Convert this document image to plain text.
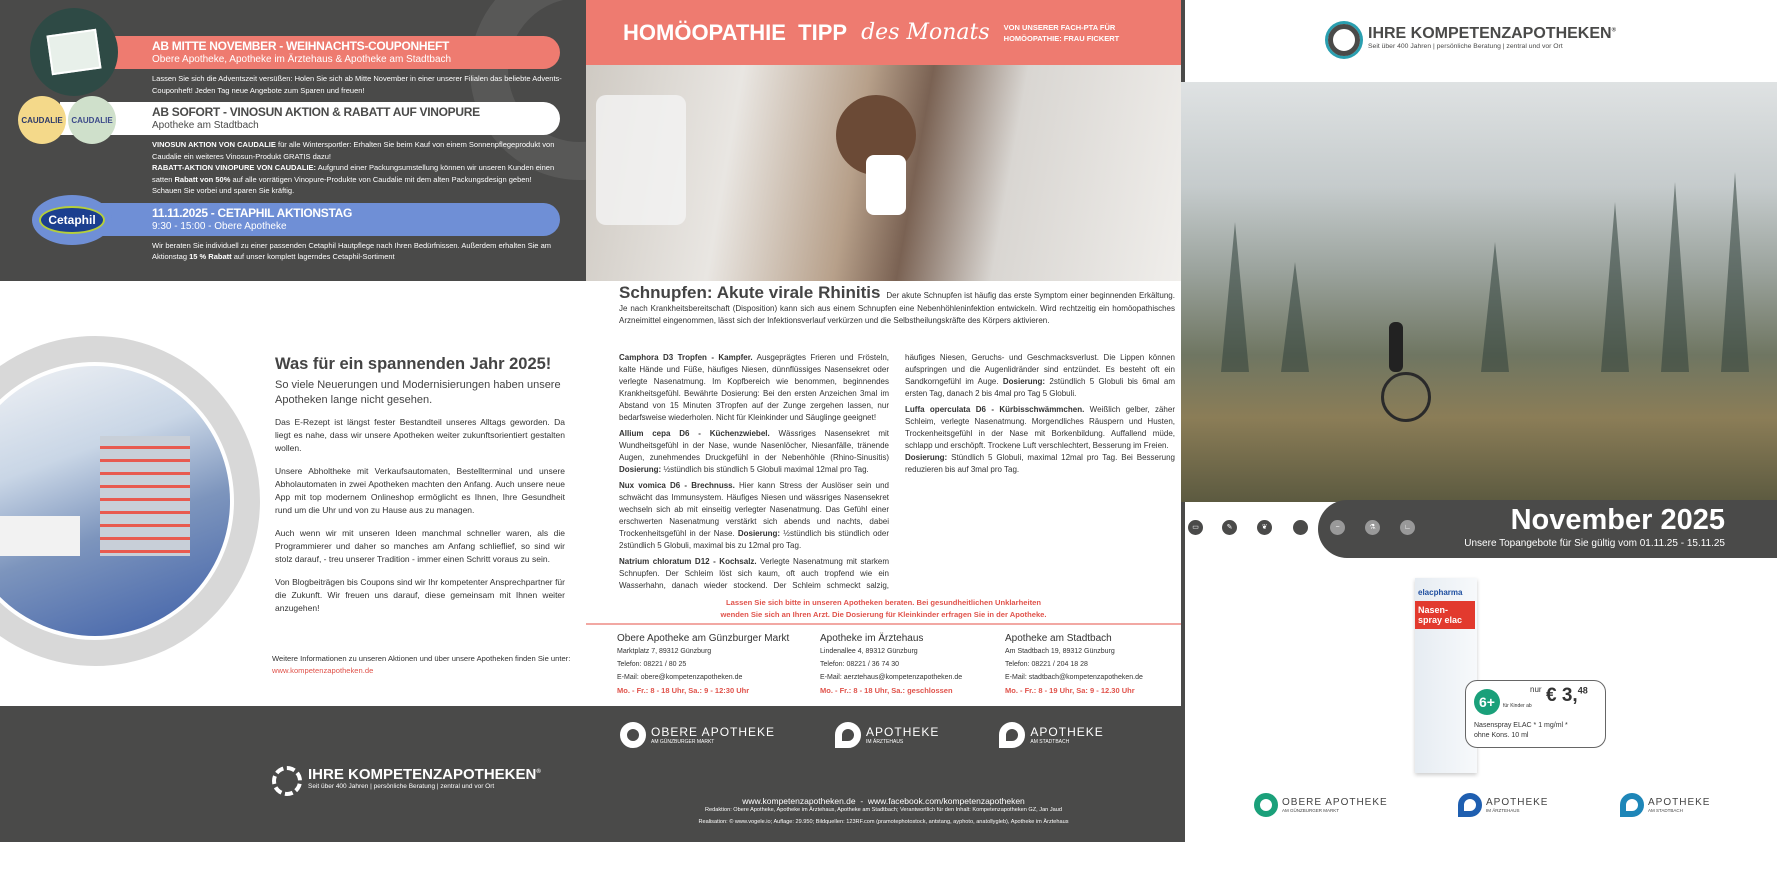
AB MITTE NOVEMBER - WEIHNACHTS-COUPONHEFT
Obere Apotheke, Apotheke im Ärztehaus & Apotheke am Stadtbach
Lassen Sie sich die Adventszeit versüßen: Holen Sie sich ab Mitte November in einer unserer Filialen das beliebte Advents-Couponheft! Jeden Tag neue Angebote zum Sparen und freuen!
CAUDALIE	CAUDALIE
AB SOFORT - VINOSUN AKTION & RABATT AUF VINOPURE
Apotheke am Stadtbach
VINOSUN AKTION VON CAUDALIE für alle Wintersportler: Erhalten Sie beim Kauf von einem Sonnenpflegeprodukt von Caudalie ein weiteres Vinosun-Produkt GRATIS dazu!
RABATT-AKTION VINOPURE VON CAUDALIE: Aufgrund einer Packungsumstellung können wir unseren Kunden einen satten Rabatt von 50% auf alle vorrätigen Vinopure-Produkte von Caudalie mit dem alten Packungsdesign geben! Schauen Sie vorbei und sparen Sie kräftig.
Cetaphil	11.11.2025 - CETAPHIL AKTIONSTAG
9:30 - 15:00 - Obere Apotheke
Wir beraten Sie individuell zu einer passenden Cetaphil Hautpflege nach Ihren Bedürfnissen. Außerdem erhalten Sie am Aktionstag 15 % Rabatt auf unser komplett lagerndes Cetaphil-Sortiment
Was für ein spannenden Jahr 2025!
So viele Neuerungen und Modernisierungen haben unsere Apotheken lange nicht gesehen.
Das E-Rezept ist längst fester Bestandteil unseres Alltags geworden. Da liegt es nahe, dass wir unsere Apotheken weiter zukunftsorientiert gestalten wollen.
Unsere Abholtheke mit Verkaufsautomaten, Bestellterminal und unsere Abholautomaten in zwei Apotheken machten den Anfang. Auch unsere neue App mit top modernem Onlineshop ermöglicht es Ihnen, Ihre Gesundheit rund um die Uhr und von zu Hause aus zu managen.
Auch wenn wir mit unseren Ideen manchmal schneller waren, als die Programmierer und daher so manches am Anfang schlieflief, so sind wir stolz darauf, - treu unserer Tradition - immer einen Schritt voraus zu sein.
Von Blogbeiträgen bis Coupons sind wir Ihr kompetenter Ansprechpartner für die Zukunft. Wir freuen uns darauf, diese gemeinsam mit Ihnen weiter anzugehen!
Weitere Informationen zu unseren Aktionen und über unsere Apotheken finden Sie unter: www.kompetenzapotheken.de
IHRE KOMPETENZAPOTHEKEN®
Seit über 400 Jahren | persönliche Beratung | zentral und vor Ort
OBERE APOTHEKE
AM GÜNZBURGER MARKT
APOTHEKE
IM ÄRZTEHAUS
APOTHEKE
AM STADTBACH

www.kompetenzapotheken.de  -  www.facebook.com/kompetenzapotheken

www.instagram.com/kompetenzapotheken

Redaktion: Obere Apotheke, Apotheke im Ärztehaus, Apotheke am Stadtbach; Verantwortlich für den Inhalt: Kompetenzapotheken GZ, Jan Jaud
Realisation: © www.vogele.io; Auflage: 29.950; Bildquellen: 123RF.com (pramotephotostock, antstang, ayphoto, anatollygleb), Apotheke im Ärztehaus
HOMÖOPATHIE  TIPP des Monats VON UNSERER FACH-PTA FÜR
HOMÖOPATHIE: FRAU FICKERT
Schnupfen: Akute virale Rhinitis Der akute Schnupfen ist häufig das erste Symptom einer beginnenden Erkältung. Je nach Krankheitsbereitschaft (Disposition) kann sich aus einem Schnupfen eine Nebenhöhleninfektion entwickeln. Wird rechtzeitig ein homöopathisches Arzneimittel eingenommen, lässt sich der Infektionsverlauf verkürzen und die Selbstheilungskräfte des Körpers aktivieren.

Camphora D3 Tropfen - Kampfer. Ausgeprägtes Frieren und Frösteln, kalte Hände und Füße, häufiges Niesen, dünnflüssiges Nasensekret oder verlegte Nasenatmung. Im Kopfbereich wie benommen, beginnendes Krankheitsgefühl. Bewährte Dosierung: Bei den ersten Anzeichen 3mal im Abstand von 15 Minuten 3Tropfen auf der Zunge zergehen lassen, nur bedarfsweise wiederholen. Nicht für Kleinkinder und Säuglinge geeignet!

Allium cepa D6 - Küchenzwiebel. Wässriges Nasensekret mit Wundheitsgefühl in der Nase, wunde Nasenlöcher, Niesanfälle, tränende Augen, zunehmendes Druckgefühl in der Nebenhöhle (Rhino-Sinusitis) Dosierung: ½stündlich bis stündlich 5 Globuli maximal 12mal pro Tag.

Nux vomica D6 - Brechnuss. Hier kann Stress der Auslöser sein und schwächt das Immunsystem. Häufiges Niesen und wässriges Nasensekret wechseln sich ab mit einseitig verlegter Nasenatmung. Das Gefühl einer erschwerten Nasenatmung verstärkt sich abends und nachts, dabei Trockenheitsgefühl in der Nase. Dosierung: ½stündlich bis stündlich oder 2stündlich 5 Globuli, maximal bis zu 12mal pro Tag.

Natrium chloratum D12 - Kochsalz. Verlegte Nasenatmung mit starkem Schnupfen. Der Schleim löst sich kaum, oft auch tropfend wie ein Wasserhahn, danach wieder stockend. Der Schleim schmeckt salzig, häufiges Niesen, Geruchs- und Geschmacksverlust. Die Lippen können aufspringen und die Augenlidränder sind entzündet. Es besteht oft ein Sandkorngefühl im Auge. Dosierung: 2stündlich 5 Globuli bis 6mal am ersten Tag, danach 2 bis 4mal pro Tag 5 Globuli.

Luffa operculata D6 - Kürbisschwämmchen. Weißlich gelber, zäher Schleim, verlegte Nasenatmung. Morgendliches Räuspern und Husten, Trockenheitsgefühl in der Nase mit Borkenbildung. Auffallend müde, schlapp und erschöpft. Trockene Luft verschlechtert, Besserung im Freien.
Dosierung: Stündlich 5 Globuli, maximal 12mal pro Tag. Bei Besserung reduzieren bis auf 3mal pro Tag.

Lassen Sie sich bitte in unseren Apotheken beraten. Bei gesundheitlichen Unklarheiten
wenden Sie sich an Ihren Arzt. Die Dosierung für Kleinkinder erfragen Sie in der Apotheke.
Obere Apotheke am Günzburger Markt
Marktplatz 7, 89312 Günzburg
Telefon: 08221 / 80 25
E-Mail: obere@kompetenzapotheken.de
Mo. - Fr.: 8 - 18 Uhr, Sa.: 9 - 12:30 Uhr
Apotheke im Ärztehaus
Lindenallee 4, 89312 Günzburg
Telefon: 08221 / 36 74 30
E-Mail: aerztehaus@kompetenzapotheken.de
Mo. - Fr.: 8 - 18 Uhr, Sa.: geschlossen
Apotheke am Stadtbach
Am Stadtbach 19, 89312 Günzburg
Telefon: 08221 / 204 18 28
E-Mail: stadtbach@kompetenzapotheken.de
Mo. - Fr.: 8 - 19 Uhr, Sa: 9 - 12.30 Uhr
IHRE KOMPETENZAPOTHEKEN®
Seit über 400 Jahren | persönliche Beratung | zentral und vor Ort
November 2025
Unsere Topangebote für Sie gültig vom 01.11.25 - 15.11.25
▭	✎	❦	−	⚗	∟
elacpharma
Nasen-spray elac
6+	für Kinder ab
nur € 3,48
Nasenspray ELAC * 1 mg/ml *
ohne Kons. 10 ml
OBERE APOTHEKE
AM GÜNZBURGER MARKT
APOTHEKE
IM ÄRZTEHAUS
APOTHEKE
AM STADTBACH
